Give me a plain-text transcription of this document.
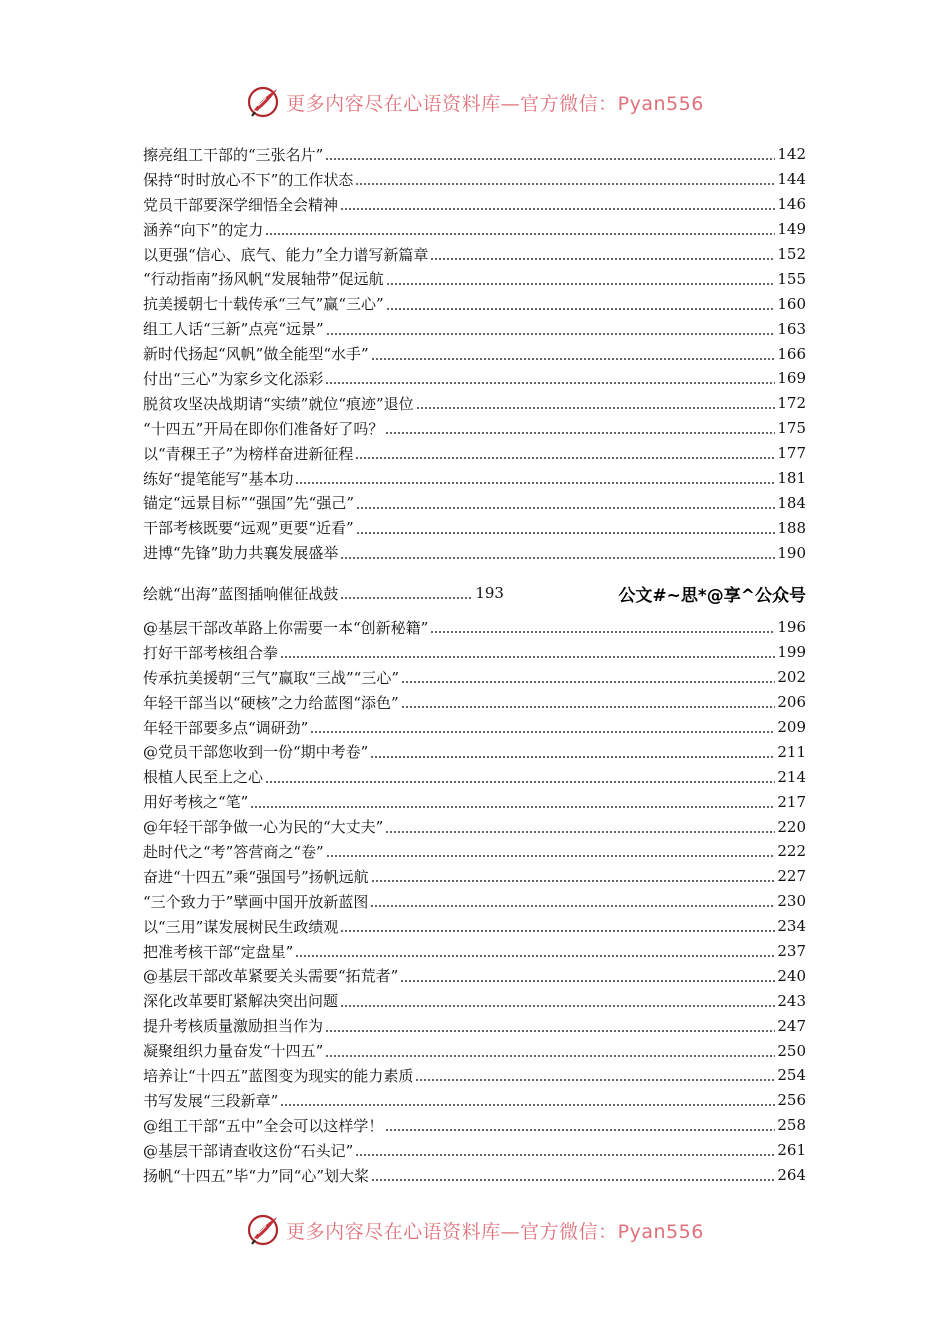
更多内容尽在心语资料库—官方微信：Pyan556
擦亮组工干部的“三张名片”	142
保持“时时放心不下”的工作状态	144
党员干部要深学细悟全会精神	146
涵养“向下”的定力	149
以更强“信心、底气、能力”全力谱写新篇章	152
“行动指南”扬风帆“发展轴带”促远航	155
抗美援朝七十载传承“三气”赢“三心”	160
组工人话“三新”点亮“远景”	163
新时代扬起“风帆”做全能型“水手”	166
付出“三心”为家乡文化添彩	169
脱贫攻坚决战期请“实绩”就位“痕迹”退位	172
“十四五”开局在即你们准备好了吗？	175
以“青稞王子”为榜样奋进新征程	177
练好“提笔能写”基本功	181
锚定“远景目标”“强国”先“强己”	184
干部考核既要“远观”更要“近看”	188
进博“先锋”助力共襄发展盛举	190
绘就“出海”蓝图插响催征战鼓	193	公文#~思*@享^公众号
@基层干部改革路上你需要一本“创新秘籍”	196
打好干部考核组合拳	199
传承抗美援朝“三气”赢取“三战”“三心”	202
年轻干部当以“硬核”之力给蓝图“添色”	206
年轻干部要多点“调研劲”	209
@党员干部您收到一份“期中考卷”	211
根植人民至上之心	214
用好考核之“笔”	217
@年轻干部争做一心为民的“大丈夫”	220
赴时代之“考”答营商之“卷”	222
奋进“十四五”乘“强国号”扬帆远航	227
“三个致力于”擘画中国开放新蓝图	230
以“三用”谋发展树民生政绩观	234
把准考核干部“定盘星”	237
@基层干部改革紧要关头需要“拓荒者”	240
深化改革要盯紧解决突出问题	243
提升考核质量激励担当作为	247
凝聚组织力量奋发“十四五”	250
培养让“十四五”蓝图变为现实的能力素质	254
书写发展“三段新章”	256
@组工干部“五中”全会可以这样学！	258
@基层干部请查收这份“石头记”	261
扬帆“十四五”毕“力”同“心”划大桨	264
更多内容尽在心语资料库—官方微信：Pyan556
